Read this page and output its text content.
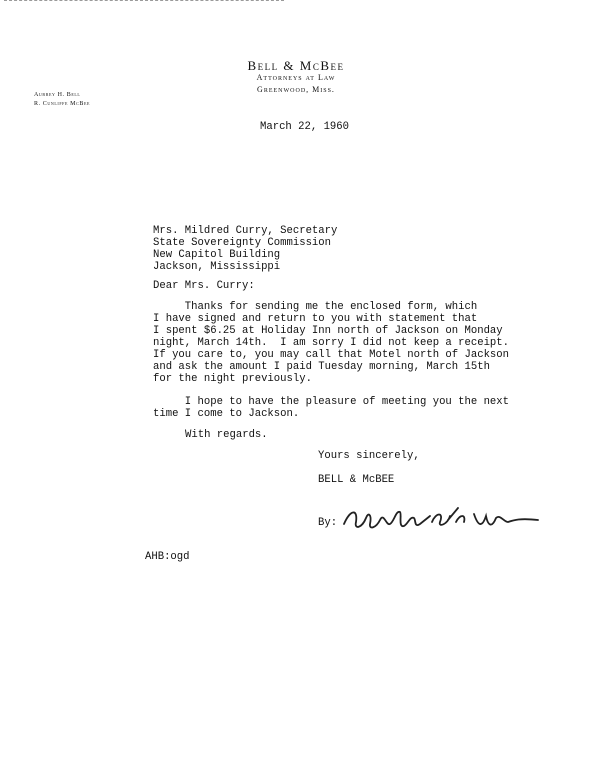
Bell & McBee
Attorneys at Law
Greenwood, Miss.
Aubrey H. Bell
R. Cunliffe McBee
March 22, 1960
Mrs. Mildred Curry, Secretary
State Sovereignty Commission
New Capitol Building
Jackson, Mississippi
Dear Mrs. Curry:
Thanks for sending me the enclosed form, which
I have signed and return to you with statement that
I spent $6.25 at Holiday Inn north of Jackson on Monday
night, March 14th.  I am sorry I did not keep a receipt.
If you care to, you may call that Motel north of Jackson
and ask the amount I paid Tuesday morning, March 15th
for the night previously.
I hope to have the pleasure of meeting you the next
time I come to Jackson.
With regards.
Yours sincerely,
BELL & McBEE
By:
AHB:ogd
